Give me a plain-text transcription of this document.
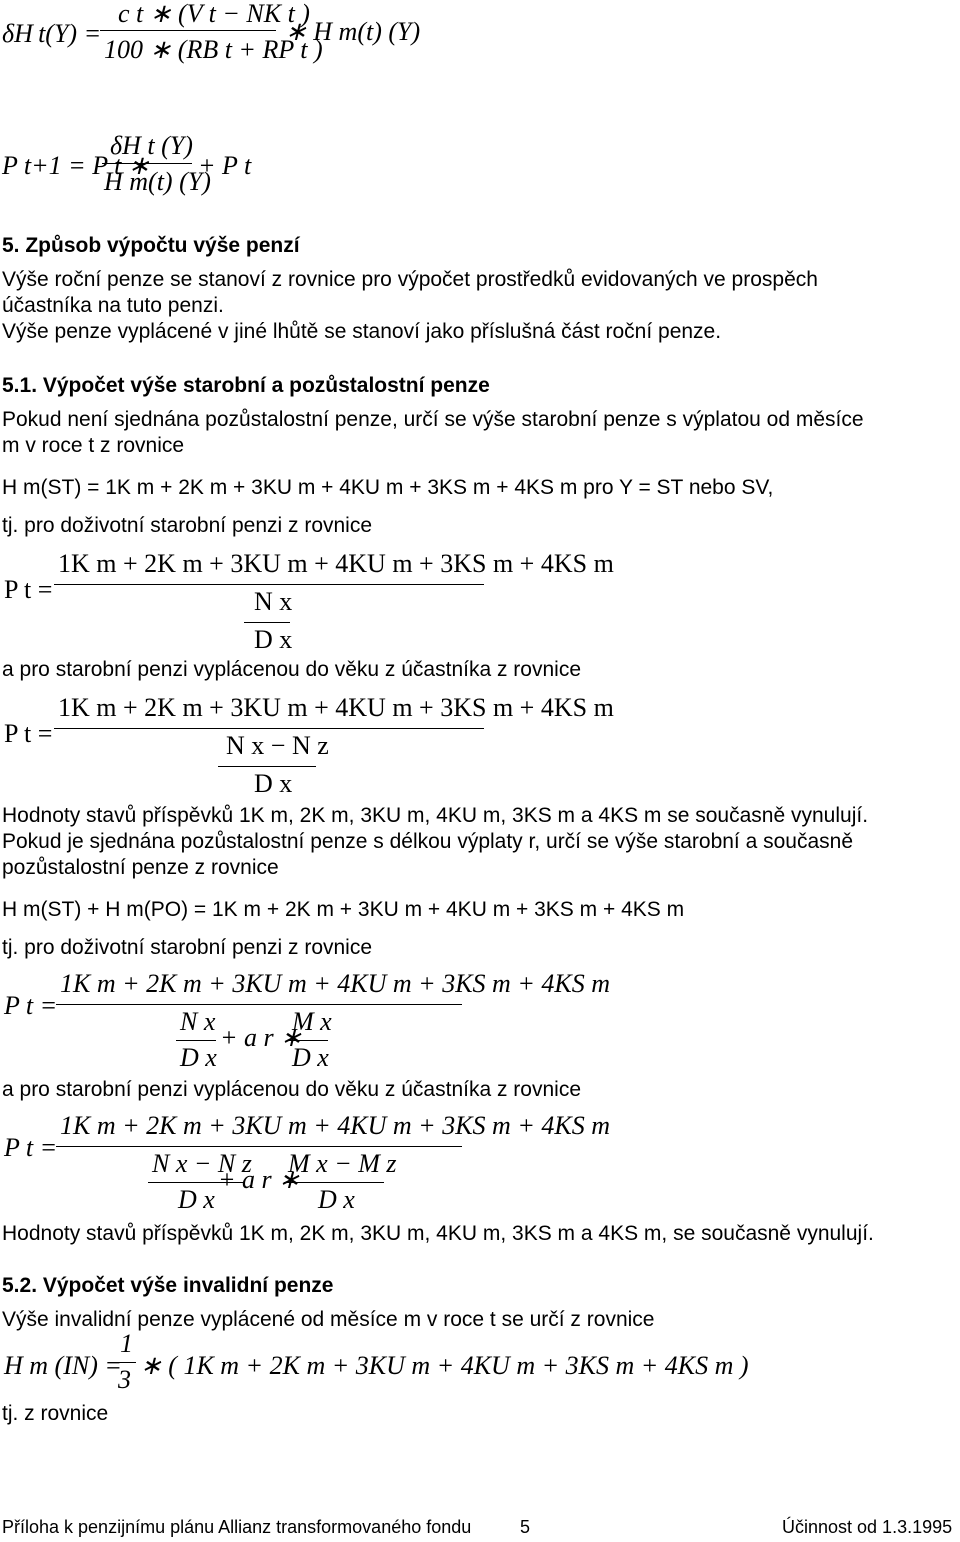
δH t(Y) =
c t ∗ (V t − NK t )
100 ∗ (RB t + RP t )
∗ H m(t) (Y)
P t+1 = P t ∗
δH t (Y)
H m(t) (Y)
+ P t
5. Způsob výpočtu výše penzí
Výše roční penze se stanoví z rovnice pro výpočet prostředků evidovaných ve prospěch
účastníka na tuto penzi.
Výše penze vyplácené v jiné lhůtě se stanoví jako příslušná část roční penze.
5.1. Výpočet výše starobní a pozůstalostní penze
Pokud není sjednána pozůstalostní penze, určí se výše starobní penze s výplatou od měsíce
m v roce t z rovnice
H m(ST) = 1K m + 2K m + 3KU m + 4KU m + 3KS m + 4KS m pro Y = ST nebo SV,
tj. pro doživotní starobní penzi z rovnice
P t =
1K m + 2K m + 3KU m + 4KU m + 3KS m + 4KS m
N x
D x
a pro starobní penzi vyplácenou do věku z účastníka z rovnice
P t =
1K m + 2K m + 3KU m + 4KU m + 3KS m + 4KS m
N x − N z
D x
Hodnoty stavů příspěvků 1K m, 2K m, 3KU m, 4KU m, 3KS m a 4KS m se současně vynulují.
Pokud je sjednána pozůstalostní penze s délkou výplaty r, určí se výše starobní a současně
pozůstalostní penze z rovnice
H m(ST) + H m(PO) = 1K m + 2K m + 3KU m + 4KU m + 3KS m + 4KS m
tj. pro doživotní starobní penzi z rovnice
P t =
1K m + 2K m + 3KU m + 4KU m + 3KS m + 4KS m
N x
D x
+ a r ∗
M x
D x
a pro starobní penzi vyplácenou do věku z účastníka z rovnice
P t =
1K m + 2K m + 3KU m + 4KU m + 3KS m + 4KS m
N x − N z
D x
+ a r ∗
M x − M z
D x
Hodnoty stavů příspěvků 1K m, 2K m, 3KU m, 4KU m, 3KS m a 4KS m, se současně vynulují.
5.2. Výpočet výše invalidní penze
Výše invalidní penze vyplácené od měsíce m v roce t se určí z rovnice
H m (IN) =
1
3 ∗ ( 1K m + 2K m + 3KU m + 4KU m + 3KS m + 4KS m )
tj. z rovnice
Příloha k penzijnímu plánu Allianz transformovaného fondu	5	Účinnost od 1.3.1995
